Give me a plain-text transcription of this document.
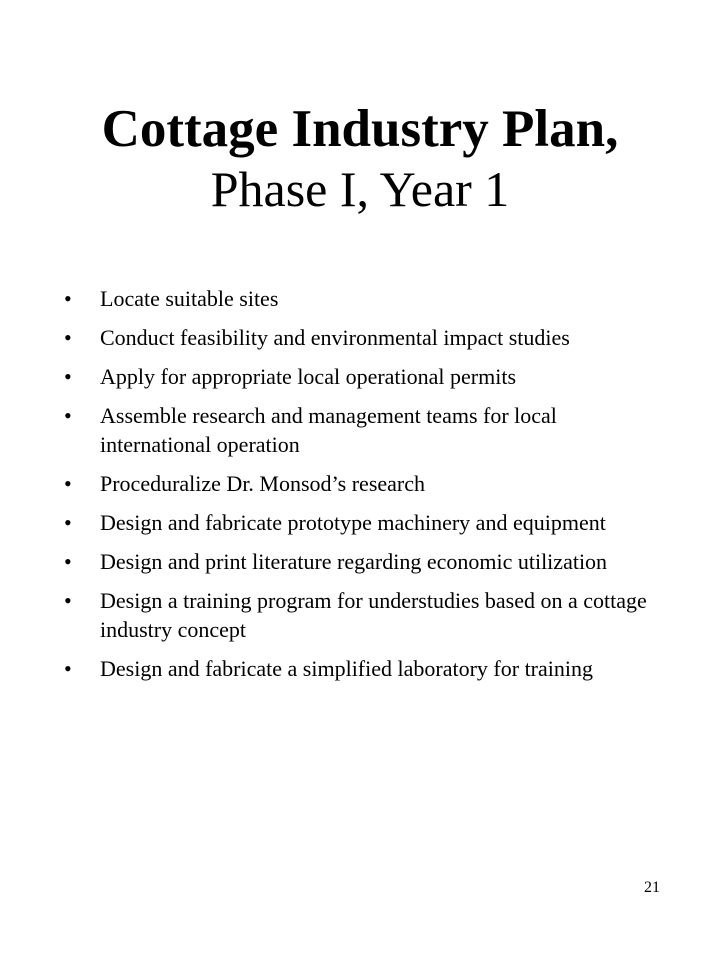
Cottage Industry Plan,
Phase I, Year 1
• Locate suitable sites
• Conduct feasibility and environmental impact studies
• Apply for appropriate local operational permits
• Assemble research and management teams for local international operation
• Proceduralize Dr. Monsod’s research
• Design and fabricate prototype machinery and equipment
• Design and print literature regarding economic utilization
• Design a training program for understudies based on a cottage industry concept
• Design and fabricate a simplified laboratory for training
21
